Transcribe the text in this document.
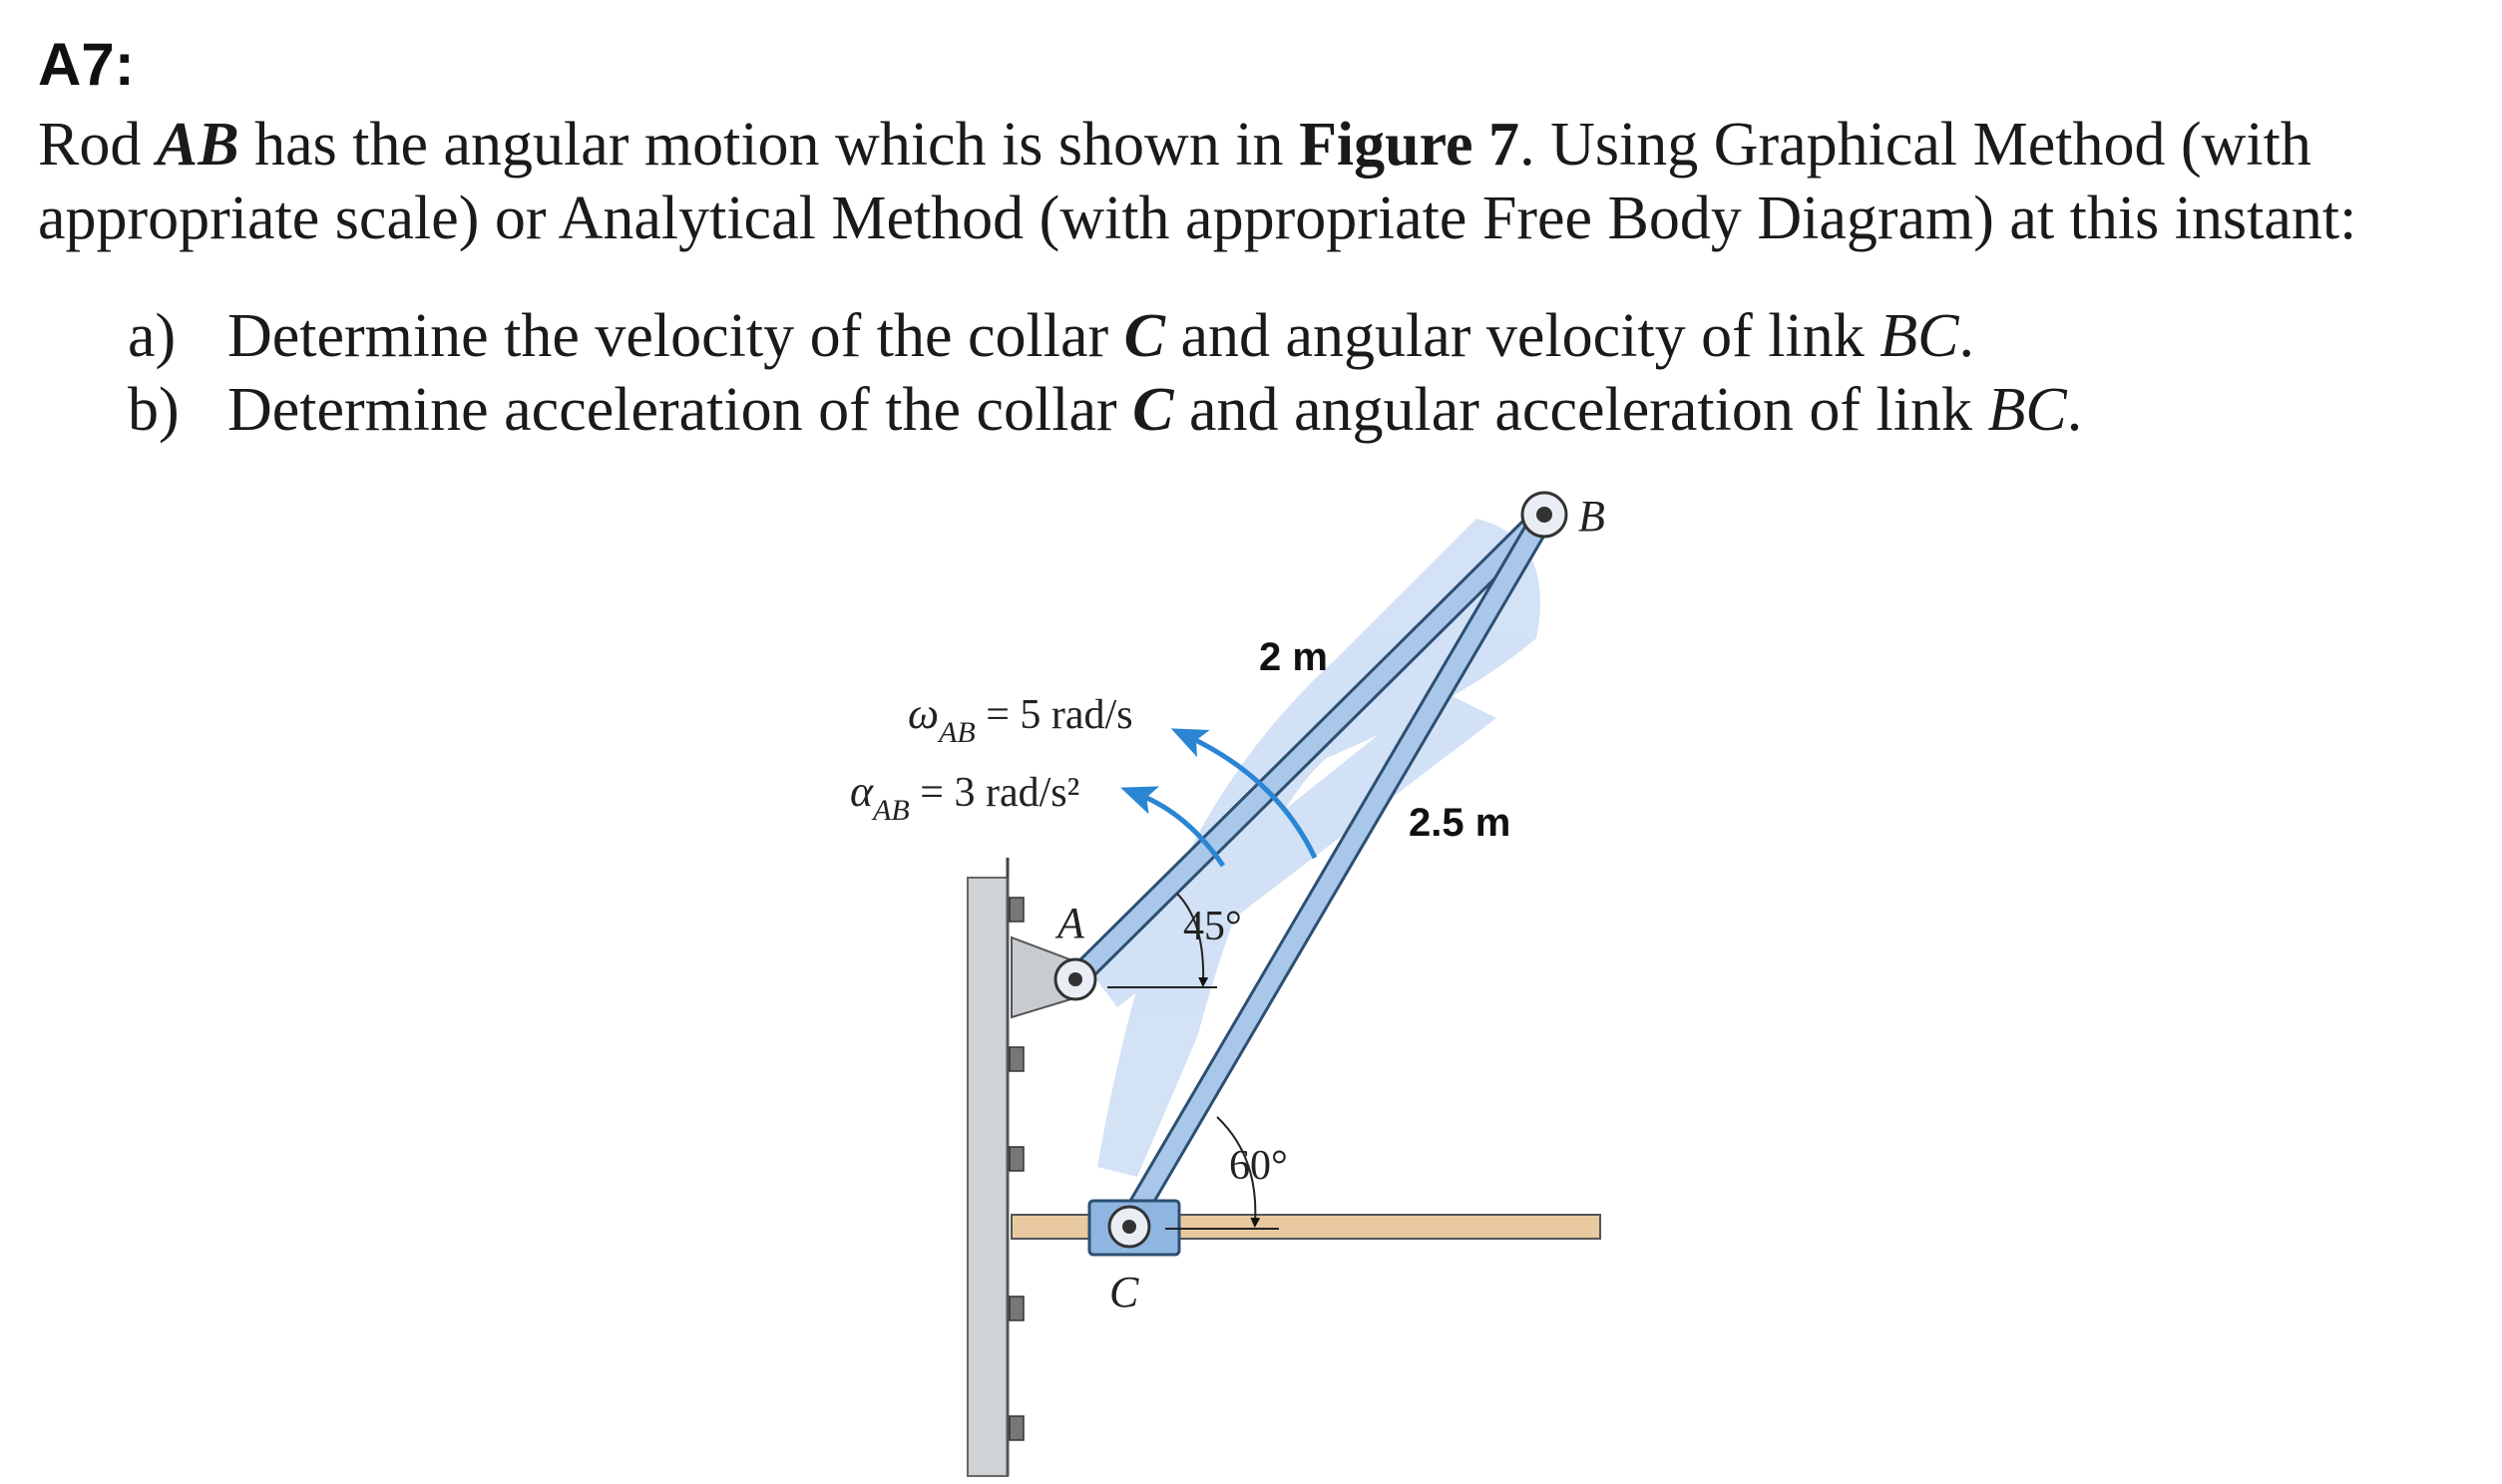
A7:
Rod AB has the angular motion which is shown in Figure 7. Using Graphical Method (with
appropriate scale) or Analytical Method (with appropriate Free Body Diagram) at this instant:
a) Determine the velocity of the collar C and angular velocity of link BC.
b) Determine acceleration of the collar C and angular acceleration of link BC.
B
A
C
2 m
2.5 m
45°
60°
$\omega_{AB} = 5$ rad/s
$\alpha_{AB} = 3$ rad/s²
